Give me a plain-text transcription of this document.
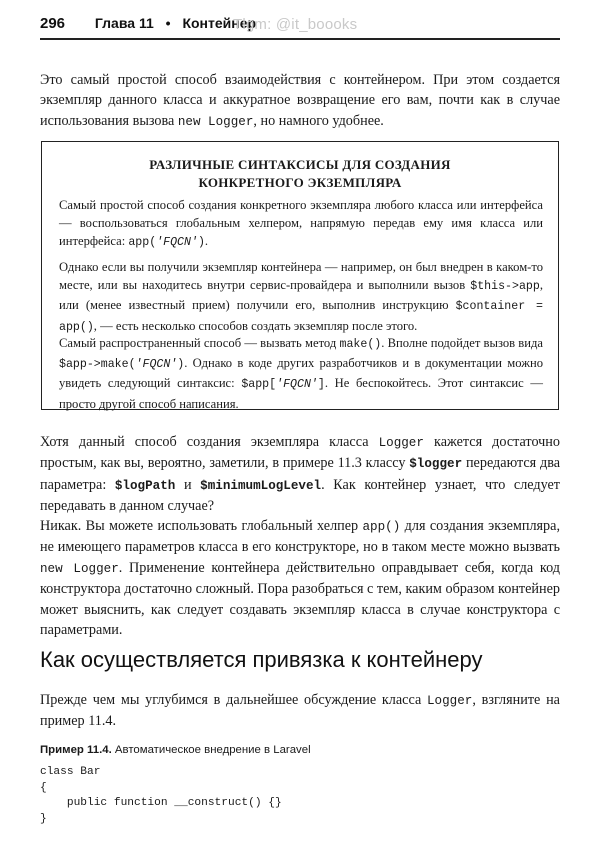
296 Глава 11 • Контейнер
Tlgm: @it_boooks

Это самый простой способ взаимодействия с контейнером. При этом создается экземпляр данного класса и аккуратное возвращение его вам, почти как в случае использования вызова new Logger, но намного удобнее.

РАЗЛИЧНЫЕ СИНТАКСИСЫ ДЛЯ СОЗДАНИЯ
КОНКРЕТНОГО ЭКЗЕМПЛЯРА

Самый простой способ создания конкретного экземпляра любого класса или интерфейса — воспользоваться глобальным хелпером, напрямую передав ему имя класса или интерфейса: app('FQCN').

Однако если вы получили экземпляр контейнера — например, он был внедрен в каком-то месте, или вы находитесь внутри сервис-провайдера и выполнили вызов $this->app, или (менее известный прием) получили его, выполнив инструкцию $container = app(), — есть несколько способов создать экземпляр после этого.

Самый распространенный способ — вызвать метод make(). Вполне подойдет вызов вида $app->make('FQCN'). Однако в коде других разработчиков и в документации можно увидеть следующий синтаксис: $app['FQCN']. Не беспокойтесь. Этот синтаксис — просто другой способ написания.

Хотя данный способ создания экземпляра класса Logger кажется достаточно простым, как вы, вероятно, заметили, в примере 11.3 классу $logger передаются два параметра: $logPath и $minimumLogLevel. Как контейнер узнает, что следует передавать в данном случае?

Никак. Вы можете использовать глобальный хелпер app() для создания экземпляра, не имеющего параметров класса в его конструкторе, но в таком месте можно вызвать new Logger. Применение контейнера действительно оправдывает себя, когда код конструктора достаточно сложный. Пора разобраться с тем, каким образом контейнер может выяснить, как следует создавать экземпляр класса в случае конструктора с параметрами.

Как осуществляется привязка к контейнеру

Прежде чем мы углубимся в дальнейшее обсуждение класса Logger, взгляните на пример 11.4.

Пример 11.4. Автоматическое внедрение в Laravel
class Bar
{
public function __construct() {}
}
